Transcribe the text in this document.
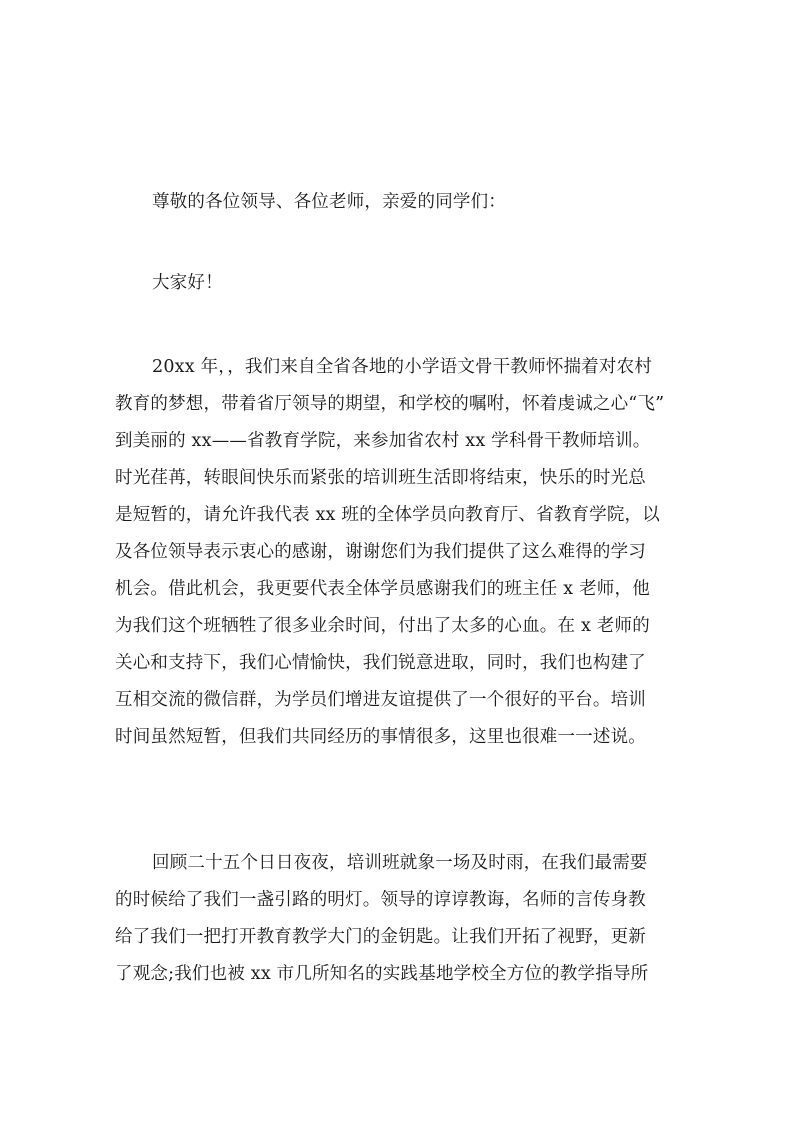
尊敬的各位领导、各位老师，亲爱的同学们：
大家好！
20xx 年，，我们来自全省各地的小学语文骨干教师怀揣着对农村
教育的梦想，带着省厅领导的期望，和学校的嘱咐，怀着虔诚之心“飞”
到美丽的 xx——省教育学院，来参加省农村 xx 学科骨干教师培训。
时光荏苒，转眼间快乐而紧张的培训班生活即将结束，快乐的时光总
是短暂的，请允许我代表 xx 班的全体学员向教育厅、省教育学院，以
及各位领导表示衷心的感谢，谢谢您们为我们提供了这么难得的学习
机会。借此机会，我更要代表全体学员感谢我们的班主任 x 老师，他
为我们这个班牺牲了很多业余时间，付出了太多的心血。在 x 老师的
关心和支持下，我们心情愉快，我们锐意进取，同时，我们也构建了
互相交流的微信群，为学员们增进友谊提供了一个很好的平台。培训
时间虽然短暂，但我们共同经历的事情很多，这里也很难一一述说。
回顾二十五个日日夜夜，培训班就象一场及时雨，在我们最需要
的时候给了我们一盏引路的明灯。领导的谆谆教诲，名师的言传身教
给了我们一把打开教育教学大门的金钥匙。让我们开拓了视野，更新
了观念;我们也被 xx 市几所知名的实践基地学校全方位的教学指导所
